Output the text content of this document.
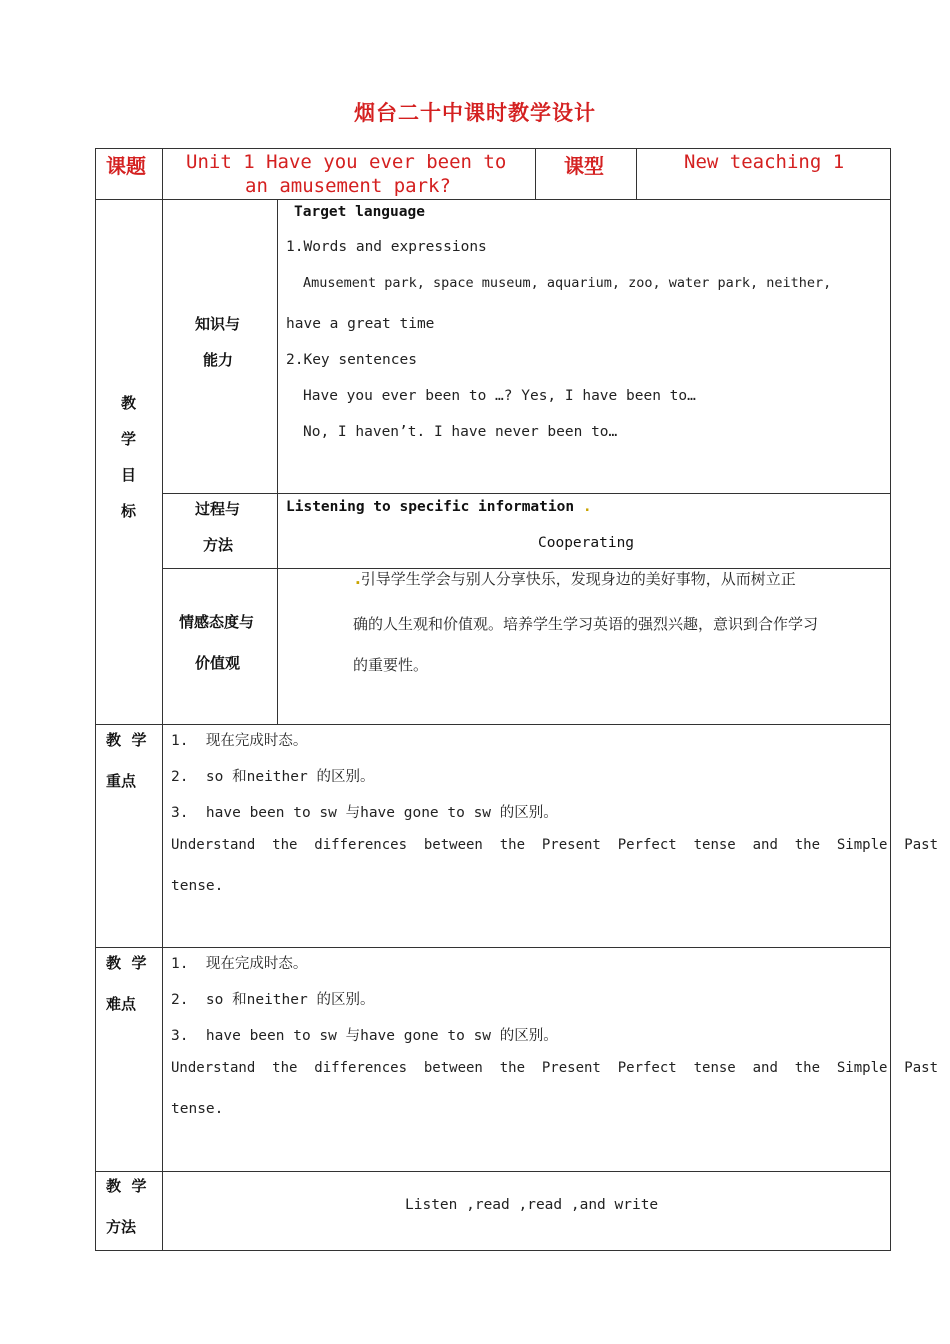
烟台二十中课时教学设计
课题 Unit 1 Have you ever been to
an amusement park?
课型	New teaching 1
教
学
目
标
知识与
能力
Target language
1.Words and expressions
Amusement park, space museum, aquarium, zoo, water park, neither,
have a great time
2.Key sentences
Have you ever been to …? Yes, I have been to…
No, I haven’t. I have never been to…
过程与
方法
Listening to specific information .
Cooperating
情感态度与
价值观
.引导学生学会与别人分享快乐，发现身边的美好事物，从而树立正
确的人生观和价值观。培养学生学习英语的强烈兴趣，意识到合作学习
的重要性。
教  学
重点
1.  现在完成时态。
2.  so 和neither 的区别。
3.  have been to sw 与have gone to sw 的区别。
Understand  the  differences  between  the  Present  Perfect  tense  and  the  Simple  Past
tense.
教  学
难点
1.  现在完成时态。
2.  so 和neither 的区别。
3.  have been to sw 与have gone to sw 的区别。
Understand  the  differences  between  the  Present  Perfect  tense  and  the  Simple  Past
tense.
教  学
方法
Listen ,read ,read ,and write
